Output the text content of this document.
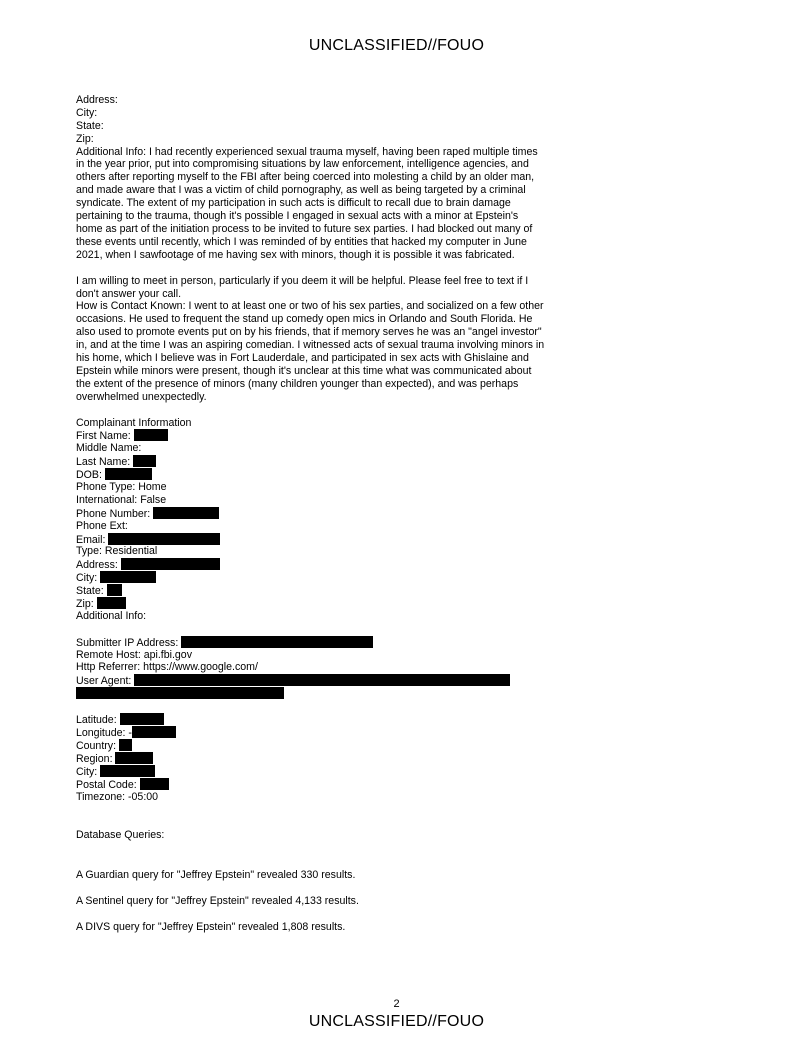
UNCLASSIFIED//FOUO
Address:
City:
State:
Zip:
Additional Info: I had recently experienced sexual trauma myself, having been raped multiple times in the year prior, put into compromising situations by law enforcement, intelligence agencies, and others after reporting myself to the FBI after being coerced into molesting a child by an older man, and made aware that I was a victim of child pornography, as well as being targeted by a criminal syndicate. The extent of my participation in such acts is difficult to recall due to brain damage pertaining to the trauma, though it's possible I engaged in sexual acts with a minor at Epstein's home as part of the initiation process to be invited to future sex parties. I had blocked out many of these events until recently, which I was reminded of by entities that hacked my computer in June 2021, when I sawfootage of me having sex with minors, though it is possible it was fabricated.
I am willing to meet in person, particularly if you deem it will be helpful. Please feel free to text if I don't answer your call.
How is Contact Known: I went to at least one or two of his sex parties, and socialized on a few other occasions. He used to frequent the stand up comedy open mics in Orlando and South Florida. He also used to promote events put on by his friends, that if memory serves he was an "angel investor" in, and at the time I was an aspiring comedian. I witnessed acts of sexual trauma involving minors in his home, which I believe was in Fort Lauderdale, and participated in sex acts with Ghislaine and Epstein while minors were present, though it's unclear at this time what was communicated about the extent of the presence of minors (many children younger than expected), and was perhaps overwhelmed unexpectedly.
Complainant Information
First Name:
Middle Name:
Last Name:
DOB:
Phone Type: Home
International: False
Phone Number:
Phone Ext:
Email:
Type: Residential
Address:
City:
State:
Zip:
Additional Info:
Submitter IP Address:
Remote Host: api.fbi.gov
Http Referrer: https://www.google.com/
User Agent:
Latitude:
Longitude: -
Country:
Region:
City:
Postal Code:
Timezone: -05:00
Database Queries:
A Guardian query for "Jeffrey Epstein" revealed 330 results.
A Sentinel query for "Jeffrey Epstein" revealed 4,133 results.
A DIVS query for "Jeffrey Epstein" revealed 1,808 results.
2
UNCLASSIFIED//FOUO
